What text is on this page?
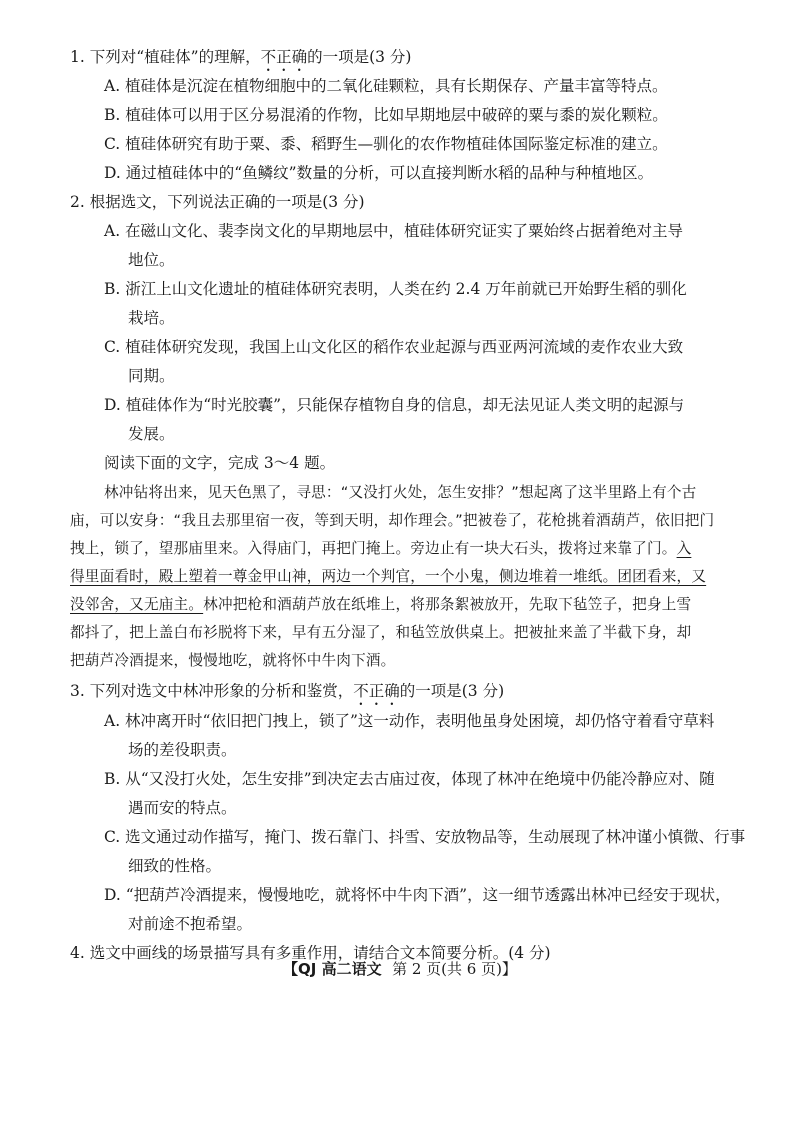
1. 下列对“植硅体”的理解，不正确的一项是(3 分)
A. 植硅体是沉淀在植物细胞中的二氧化硅颗粒，具有长期保存、产量丰富等特点。
B. 植硅体可以用于区分易混淆的作物，比如早期地层中破碎的粟与黍的炭化颗粒。
C. 植硅体研究有助于粟、黍、稻野生—驯化的农作物植硅体国际鉴定标准的建立。
D. 通过植硅体中的“鱼鳞纹”数量的分析，可以直接判断水稻的品种与种植地区。
2. 根据选文，下列说法正确的一项是(3 分)
A. 在磁山文化、裴李岗文化的早期地层中，植硅体研究证实了粟始终占据着绝对主导
地位。
B. 浙江上山文化遗址的植硅体研究表明，人类在约 2.4 万年前就已开始野生稻的驯化
栽培。
C. 植硅体研究发现，我国上山文化区的稻作农业起源与西亚两河流域的麦作农业大致
同期。
D. 植硅体作为“时光胶囊”，只能保存植物自身的信息，却无法见证人类文明的起源与
发展。
阅读下面的文字，完成 3～4 题。
林冲钻将出来，见天色黑了，寻思：“又没打火处，怎生安排？”想起离了这半里路上有个古
庙，可以安身：“我且去那里宿一夜，等到天明，却作理会。”把被卷了，花枪挑着酒葫芦，依旧把门
拽上，锁了，望那庙里来。入得庙门，再把门掩上。旁边止有一块大石头，拨将过来靠了门。入
得里面看时，殿上塑着一尊金甲山神，两边一个判官，一个小鬼，侧边堆着一堆纸。团团看来，又
没邻舍，又无庙主。林冲把枪和酒葫芦放在纸堆上，将那条絮被放开，先取下毡笠子，把身上雪
都抖了，把上盖白布衫脱将下来，早有五分湿了，和毡笠放供桌上。把被扯来盖了半截下身，却
把葫芦冷酒提来，慢慢地吃，就将怀中牛肉下酒。
3. 下列对选文中林冲形象的分析和鉴赏，不正确的一项是(3 分)
A. 林冲离开时“依旧把门拽上，锁了”这一动作，表明他虽身处困境，却仍恪守着看守草料
场的差役职责。
B. 从“又没打火处，怎生安排”到决定去古庙过夜，体现了林冲在绝境中仍能冷静应对、随
遇而安的特点。
C. 选文通过动作描写，掩门、拨石靠门、抖雪、安放物品等，生动展现了林冲谨小慎微、行事
细致的性格。
D. “把葫芦冷酒提来，慢慢地吃，就将怀中牛肉下酒”，这一细节透露出林冲已经安于现状，
对前途不抱希望。
4. 选文中画线的场景描写具有多重作用，请结合文本简要分析。(4 分)
【QJ 高二语文 第 2 页(共 6 页)】
